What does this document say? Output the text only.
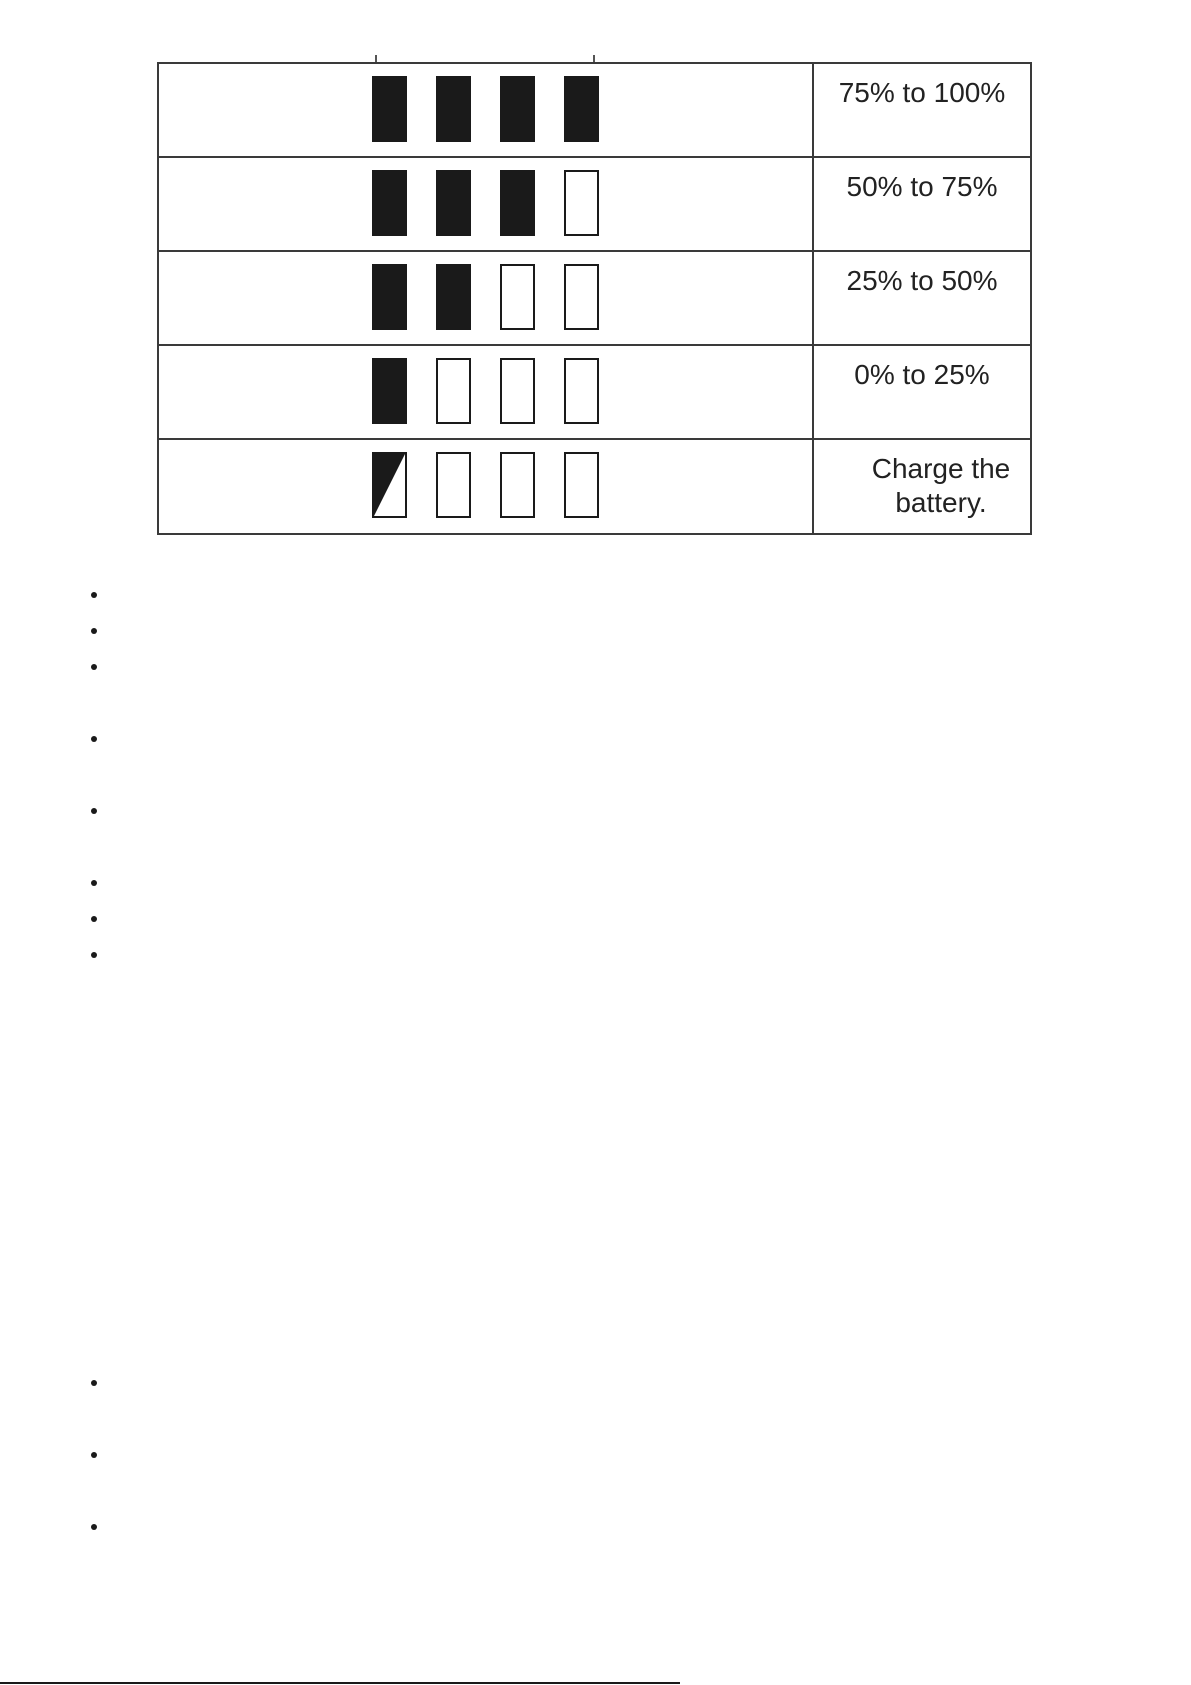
75% to 100%
50% to 75%
25% to 50%
0% to 25%
Charge the battery.
